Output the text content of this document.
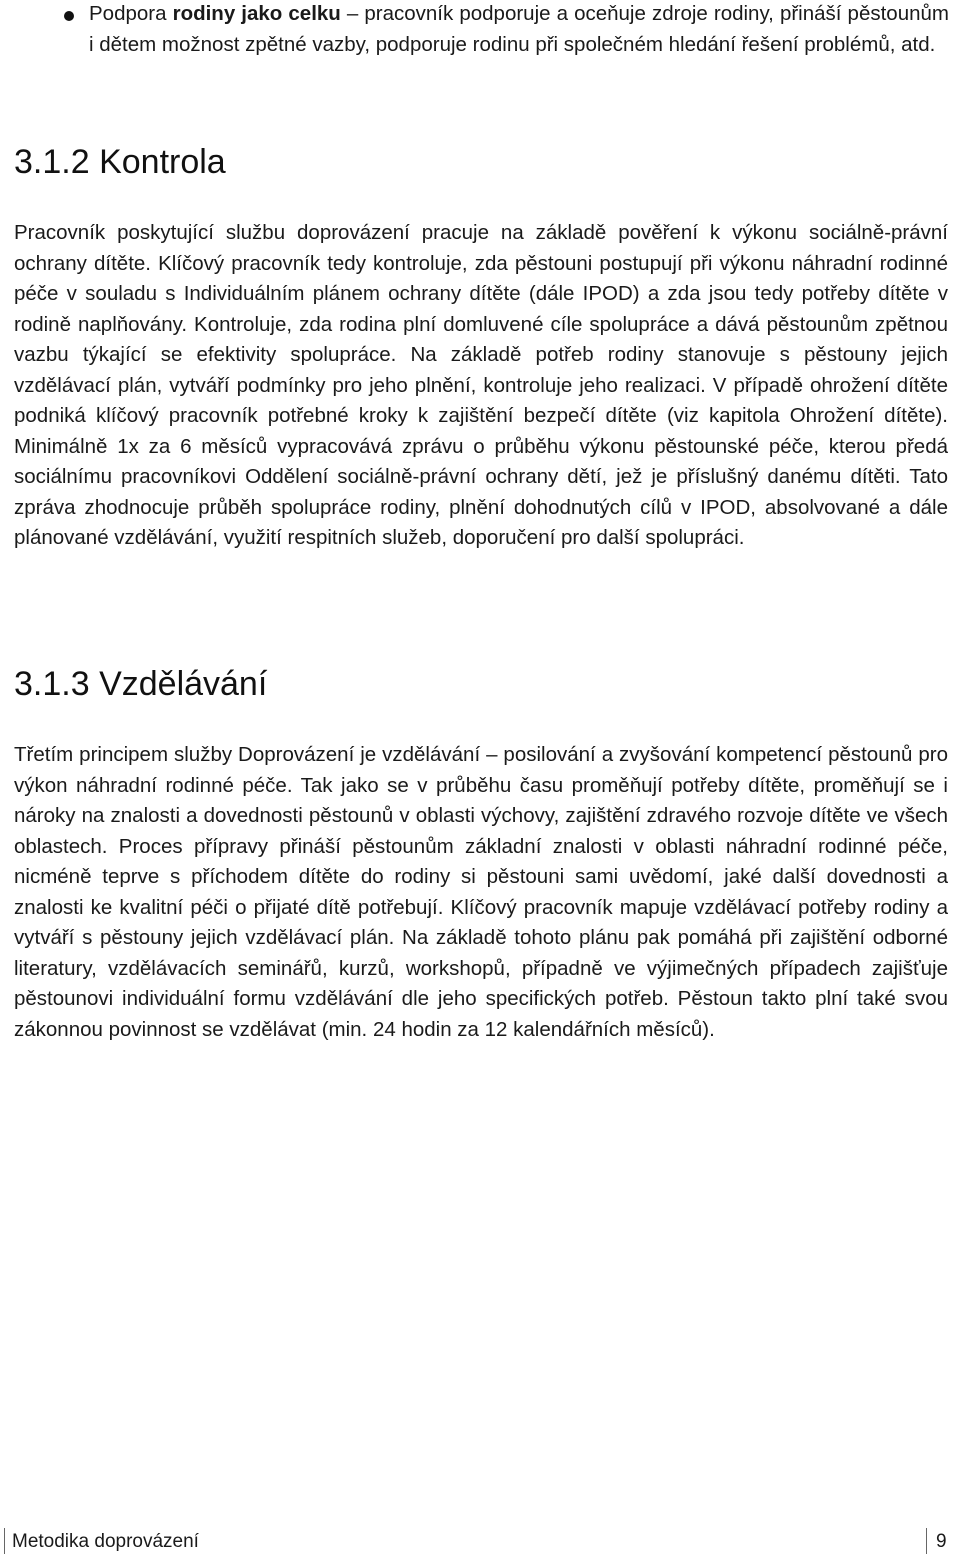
Podpora rodiny jako celku – pracovník podporuje a oceňuje zdroje rodiny, přináší pěstounům i dětem možnost zpětné vazby, podporuje rodinu při společném hledání řešení problémů, atd.
3.1.2 Kontrola

Pracovník poskytující službu doprovázení pracuje na základě pověření k výkonu sociálně-právní ochrany dítěte. Klíčový pracovník tedy kontroluje, zda pěstouni postupují při výkonu náhradní rodinné péče v souladu s Individuálním plánem ochrany dítěte (dále IPOD) a zda jsou tedy potřeby dítěte v rodině naplňovány. Kontroluje, zda rodina plní domluvené cíle spolupráce a dává pěstounům zpětnou vazbu týkající se efektivity spolupráce. Na základě potřeb rodiny stanovuje s pěstouny jejich vzdělávací plán, vytváří podmínky pro jeho plnění, kontroluje jeho realizaci. V případě ohrožení dítěte podniká klíčový pracovník potřebné kroky k zajištění bezpečí dítěte (viz kapitola Ohrožení dítěte). Minimálně 1x za 6 měsíců vypracovává zprávu o průběhu výkonu pěstounské péče, kterou předá sociálnímu pracovníkovi Oddělení sociálně-právní ochrany dětí, jež je příslušný danému dítěti. Tato zpráva zhodnocuje průběh spolupráce rodiny, plnění dohodnutých cílů v IPOD, absolvované a dále plánované vzdělávání, využití respitních služeb, doporučení pro další spolupráci.

3.1.3 Vzdělávání

Třetím principem služby Doprovázení je vzdělávání – posilování a zvyšování kompetencí pěstounů pro výkon náhradní rodinné péče. Tak jako se v průběhu času proměňují potřeby dítěte, proměňují se i nároky na znalosti a dovednosti pěstounů v oblasti výchovy, zajištění zdravého rozvoje dítěte ve všech oblastech. Proces přípravy přináší pěstounům základní znalosti v oblasti náhradní rodinné péče, nicméně teprve s příchodem dítěte do rodiny si pěstouni sami uvědomí, jaké další dovednosti a znalosti ke kvalitní péči o přijaté dítě potřebují. Klíčový pracovník mapuje vzdělávací potřeby rodiny a vytváří s pěstouny jejich vzdělávací plán. Na základě tohoto plánu pak pomáhá při zajištění odborné literatury, vzdělávacích seminářů, kurzů, workshopů, případně ve výjimečných případech zajišťuje pěstounovi individuální formu vzdělávání dle jeho specifických potřeb. Pěstoun takto plní také svou zákonnou povinnost se vzdělávat (min. 24 hodin za 12 kalendářních měsíců).

Metodika doprovázení	9
